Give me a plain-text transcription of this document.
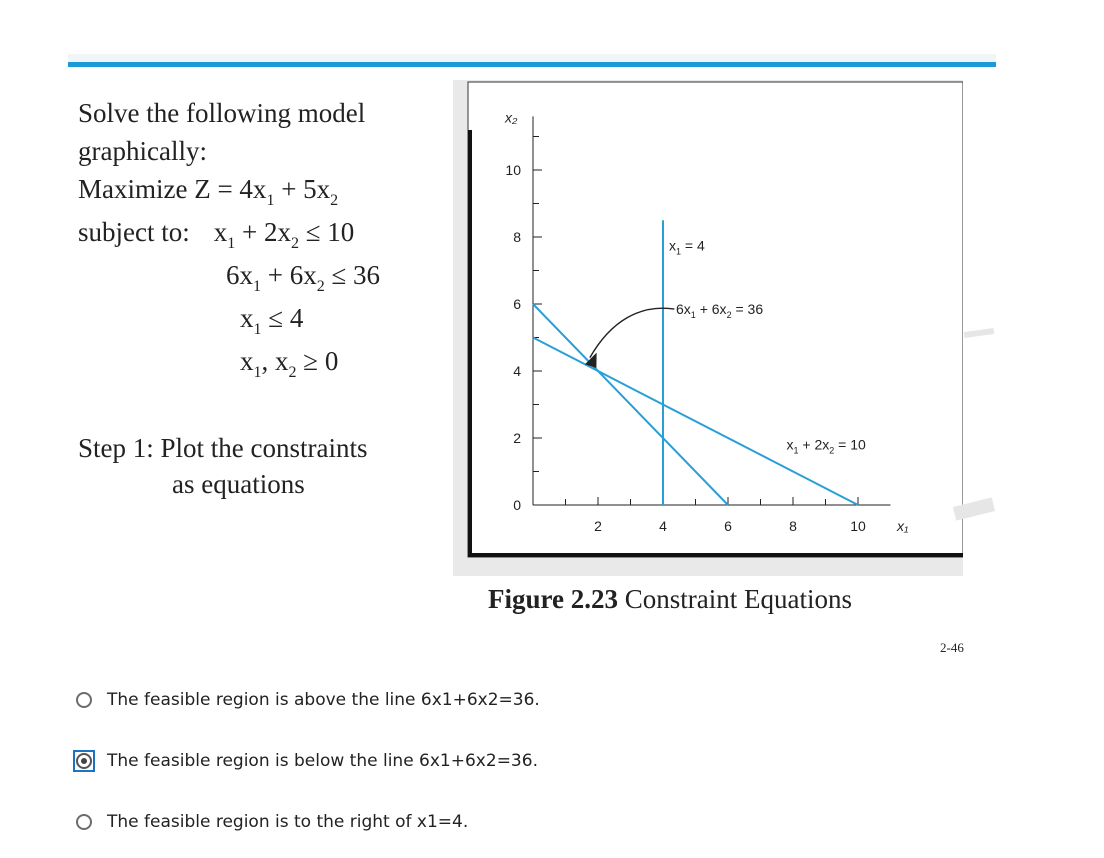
Solve the following model
graphically:
Maximize $Z = 4x_1 + 5x_2$
subject to: $x_1 + 2x_2 \le 10$
$6x_1 + 6x_2 \le 36$
$x_1 \le 4$
$x_1$, $x_2 \ge 0$
Step 1: Plot the constraints
as equations
0
2
4
6
8
10
2	4	6	8	10
x₂
x₁
$x_1 = 4$
$6x_1 + 6x_2 = 36$
$x_1 + 2x_2 = 10$
Figure 2.23 Constraint Equations
2-46
The feasible region is above the line 6x1+6x2=36.
The feasible region is below the line 6x1+6x2=36.
The feasible region is to the right of x1=4.
